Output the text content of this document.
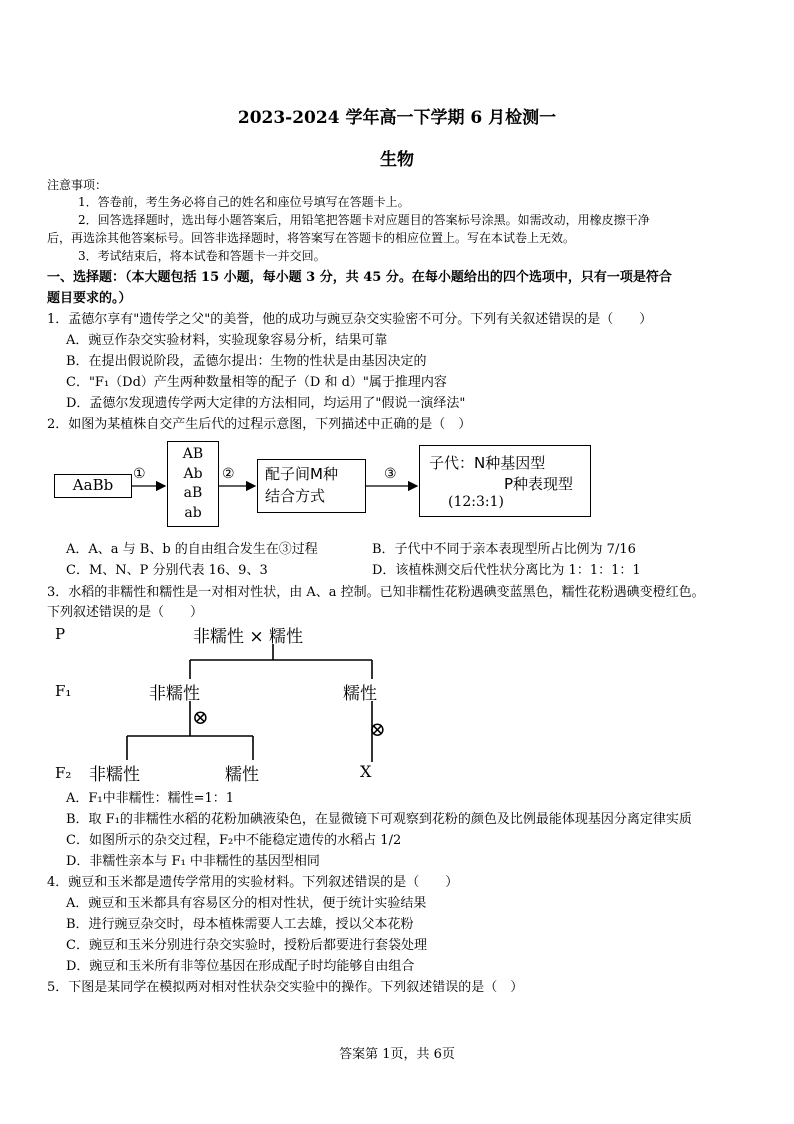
2023-2024 学年高一下学期 6 月检测一
生物
注意事项：
1．答卷前，考生务必将自己的姓名和座位号填写在答题卡上。
2．回答选择题时，选出每小题答案后，用铅笔把答题卡对应题目的答案标号涂黑。如需改动，用橡皮擦干净
后，再选涂其他答案标号。回答非选择题时，将答案写在答题卡的相应位置上。写在本试卷上无效。
3．考试结束后，将本试卷和答题卡一并交回。
一、选择题：（本大题包括 15 小题，每小题 3 分，共 45 分。在每小题给出的四个选项中，只有一项是符合
题目要求的。）
1．孟德尔享有"遗传学之父"的美誉，他的成功与豌豆杂交实验密不可分。下列有关叙述错误的是（　　）
A．豌豆作杂交实验材料，实验现象容易分析，结果可靠
B．在提出假说阶段，孟德尔提出：生物的性状是由基因决定的
C．"F₁（Dd）产生两种数量相等的配子（D 和 d）"属于推理内容
D．孟德尔发现遗传学两大定律的方法相同，均运用了"假说一演绎法"
2．如图为某植株自交产生后代的过程示意图，下列描述中正确的是（　）
AaBb
①
AB
Ab
aB
ab
② 配子间M种
结合方式
③
子代：N种基因型
P种表现型
(12:3:1)
A．A、a 与 B、b 的自由组合发生在③过程	B．子代中不同于亲本表现型所占比例为 7/16
C．M、N、P 分别代表 16、9、3	D．该植株测交后代性状分离比为 1：1：1：1
3．水稻的非糯性和糯性是一对相对性状，由 A、a 控制。已知非糯性花粉遇碘变蓝黑色，糯性花粉遇碘变橙红色。
下列叙述错误的是（　　）
P	非糯性 × 糯性
F₁	非糯性	糯性
⊗	⊗
F₂ 非糯性	糯性	X
A．F₁中非糯性：糯性=1：1
B．取 F₁的非糯性水稻的花粉加碘液染色，在显微镜下可观察到花粉的颜色及比例最能体现基因分离定律实质
C．如图所示的杂交过程，F₂中不能稳定遗传的水稻占 1/2
D．非糯性亲本与 F₁ 中非糯性的基因型相同
4．豌豆和玉米都是遗传学常用的实验材料。下列叙述错误的是（　　）
A．豌豆和玉米都具有容易区分的相对性状，便于统计实验结果
B．进行豌豆杂交时，母本植株需要人工去雄，授以父本花粉
C．豌豆和玉米分别进行杂交实验时，授粉后都要进行套袋处理
D．豌豆和玉米所有非等位基因在形成配子时均能够自由组合
5．下图是某同学在模拟两对相对性状杂交实验中的操作。下列叙述错误的是（　）
答案第 1页，共 6页
